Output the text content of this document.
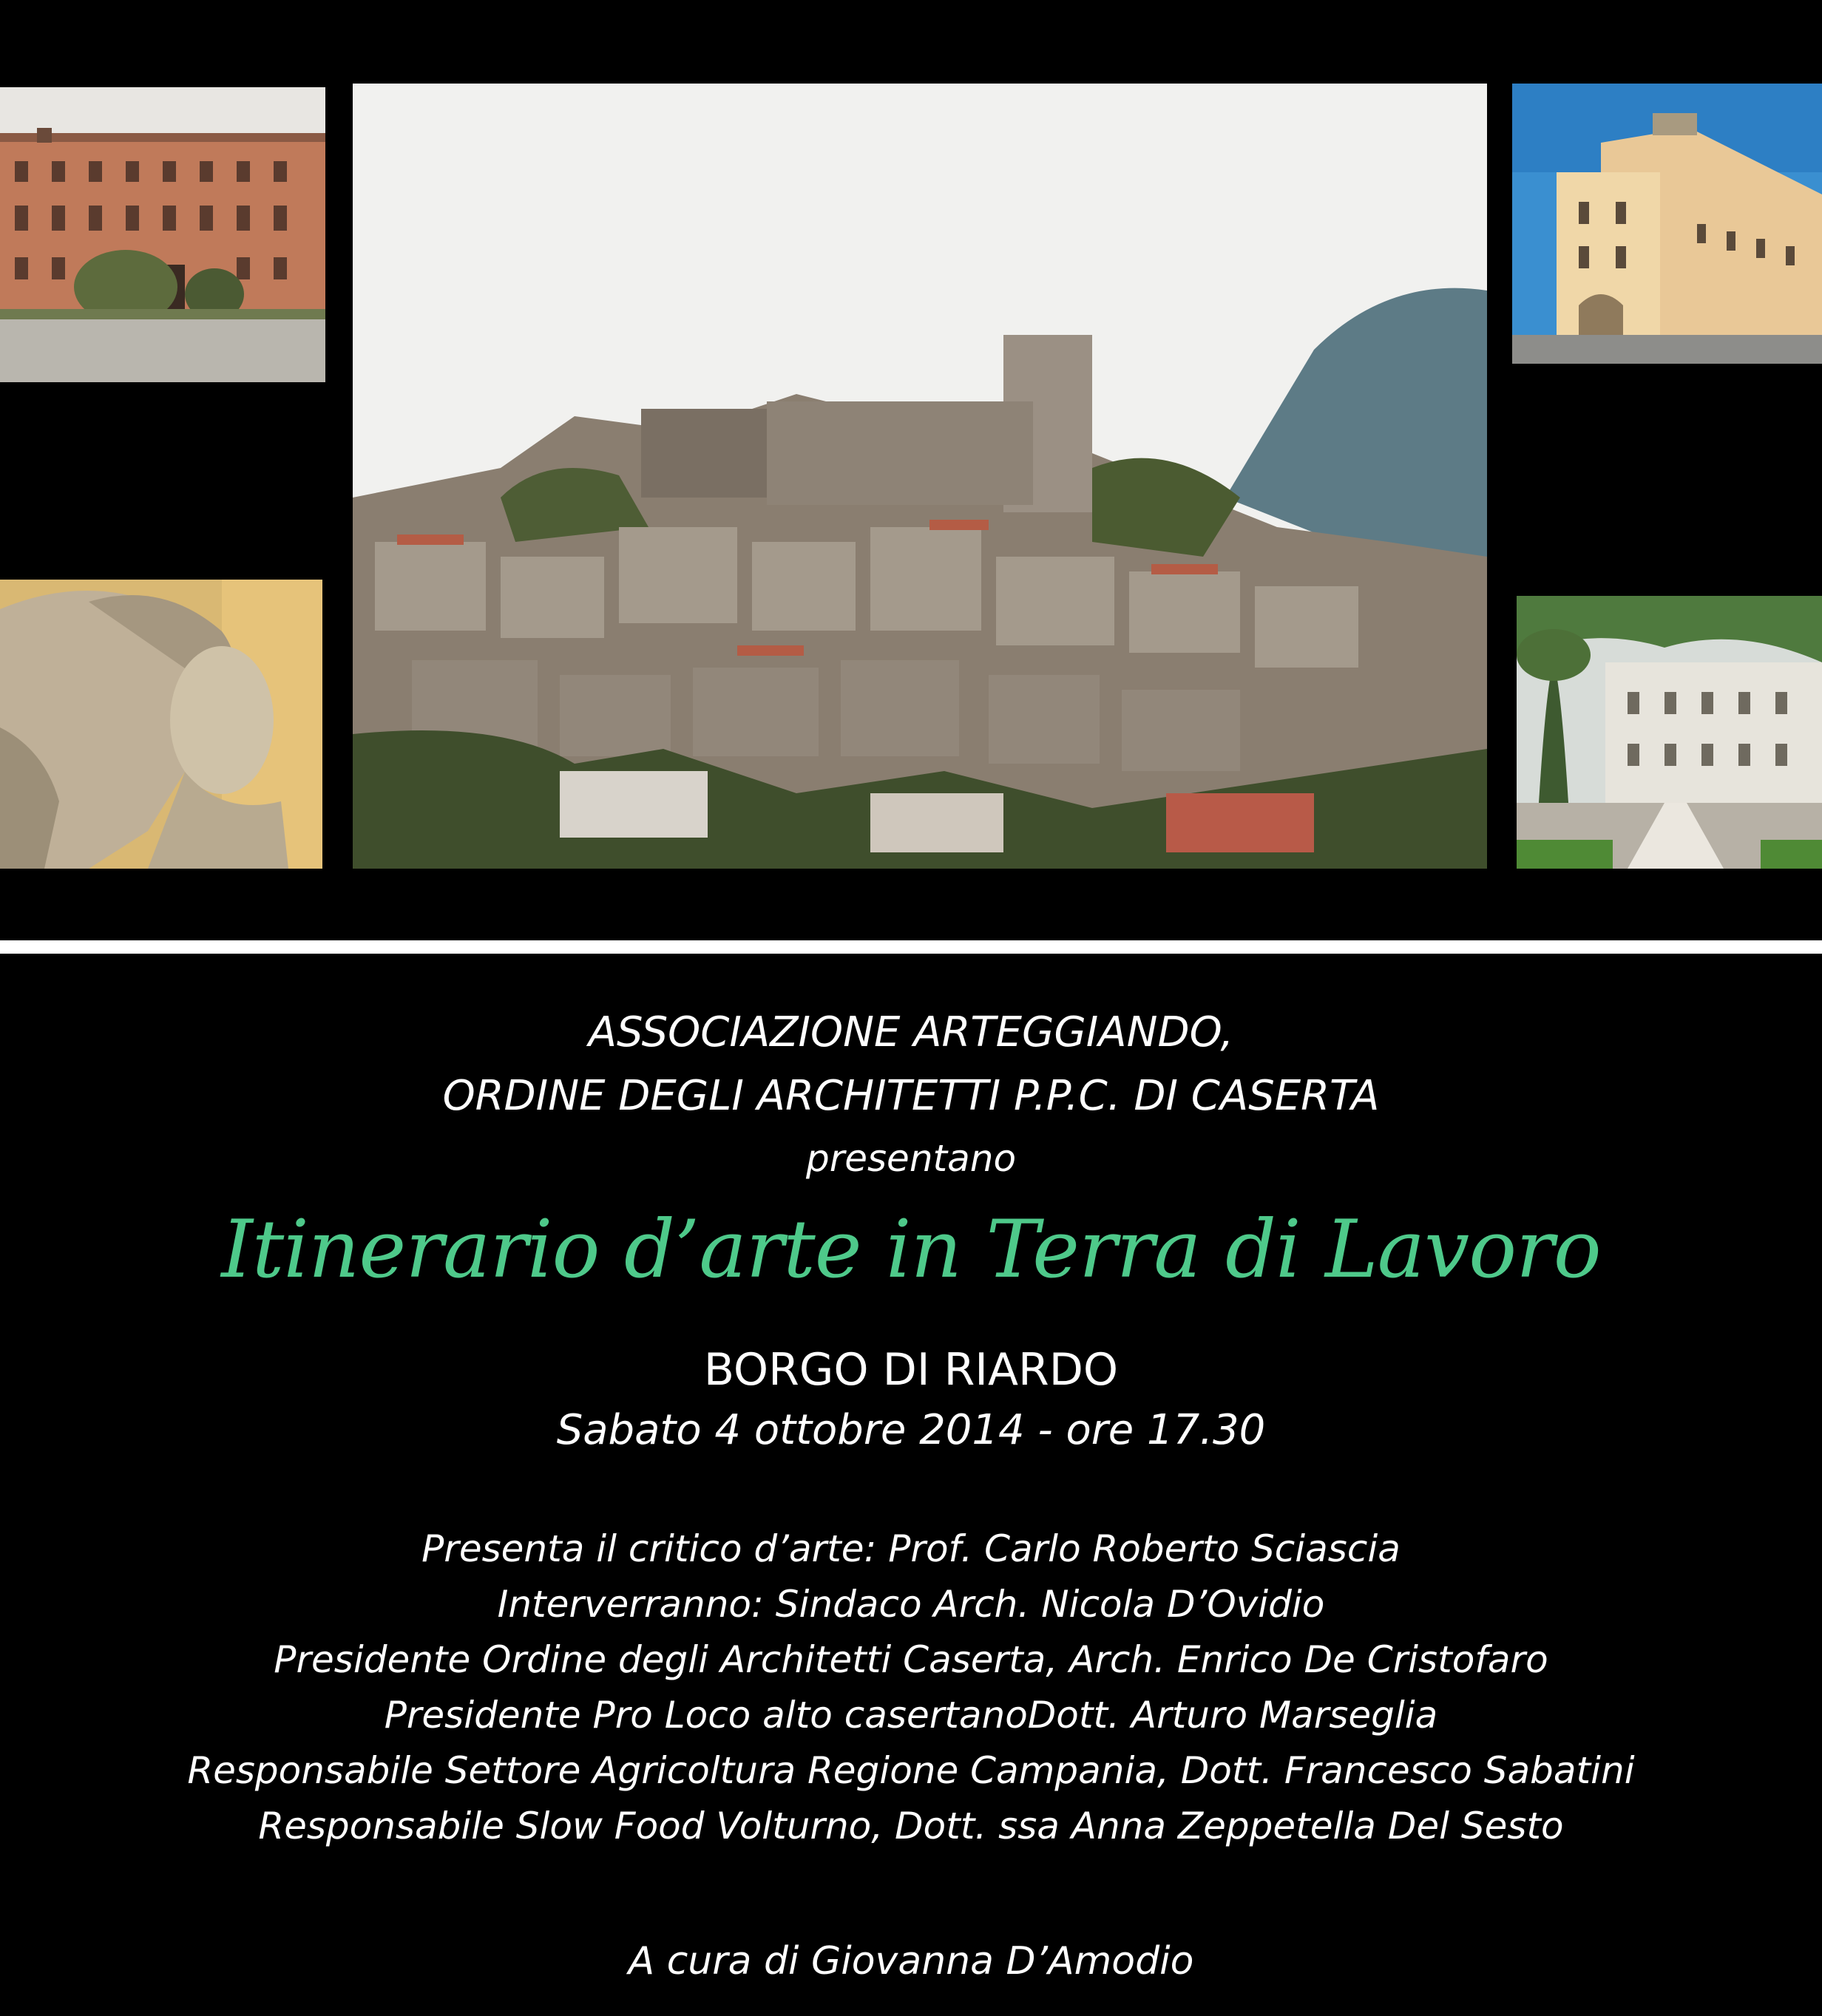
ASSOCIAZIONE ARTEGGIANDO,
ORDINE DEGLI ARCHITETTI P.P.C. DI CASERTA
presentano
Itinerario d’arte in Terra di Lavoro
BORGO DI RIARDO
Sabato 4 ottobre 2014 - ore 17.30
Presenta il critico d’arte: Prof. Carlo Roberto Sciascia
Interverranno: Sindaco Arch. Nicola D’Ovidio
Presidente Ordine degli Architetti Caserta, Arch. Enrico De Cristofaro
Presidente Pro Loco alto casertanoDott. Arturo Marseglia
Responsabile Settore Agricoltura Regione Campania, Dott. Francesco Sabatini
Responsabile Slow Food Volturno, Dott. ssa Anna Zeppetella Del Sesto
A cura di Giovanna D’Amodio
